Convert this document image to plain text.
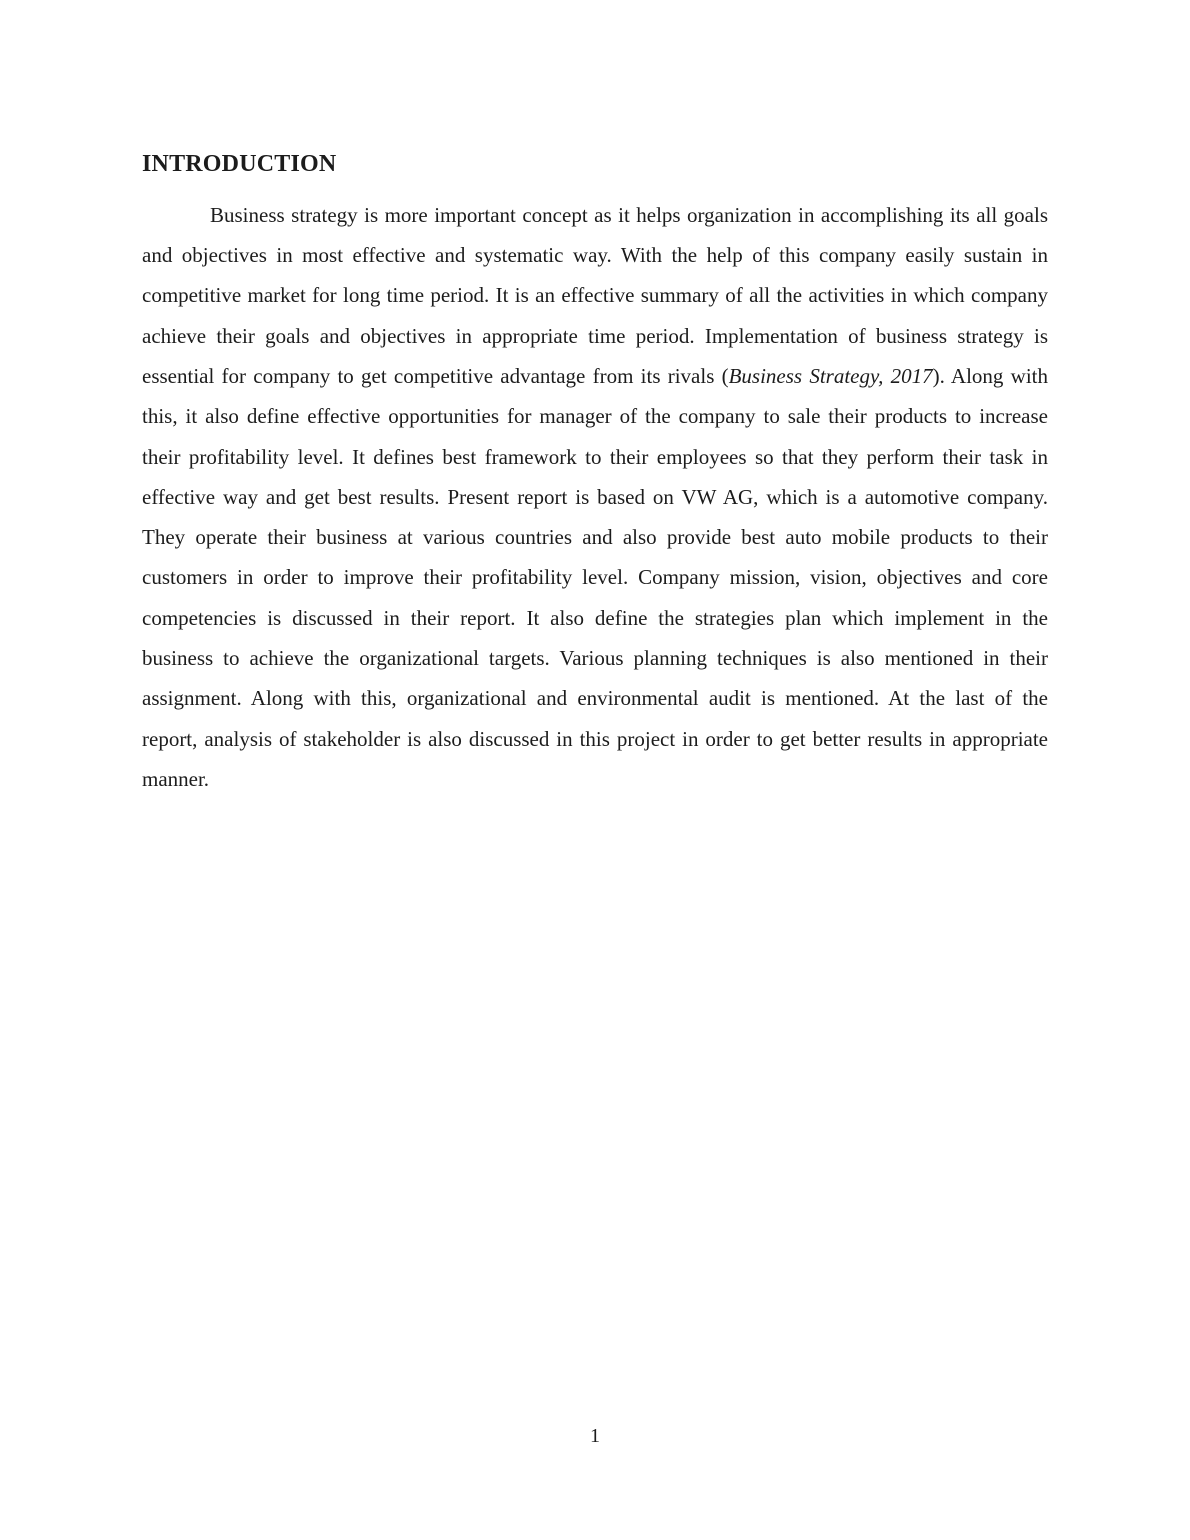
INTRODUCTION

Business strategy is more important concept as it helps organization in accomplishing its all goals and objectives in most effective and systematic way. With the help of this company easily sustain in competitive market for long time period. It is an effective summary of all the activities in which company achieve their goals and objectives in appropriate time period. Implementation of business strategy is essential for company to get competitive advantage from its rivals (Business Strategy, 2017). Along with this, it also define effective opportunities for manager of the company to sale their products to increase their profitability level. It defines best framework to their employees so that they perform their task in effective way and get best results. Present report is based on VW AG, which is a automotive company. They operate their business at various countries and also provide best auto mobile products to their customers in order to improve their profitability level. Company mission, vision, objectives and core competencies is discussed in their report. It also define the strategies plan which implement in the business to achieve the organizational targets. Various planning techniques is also mentioned in their assignment. Along with this, organizational and environmental audit is mentioned. At the last of the report, analysis of stakeholder is also discussed in this project in order to get better results in appropriate manner.

1
